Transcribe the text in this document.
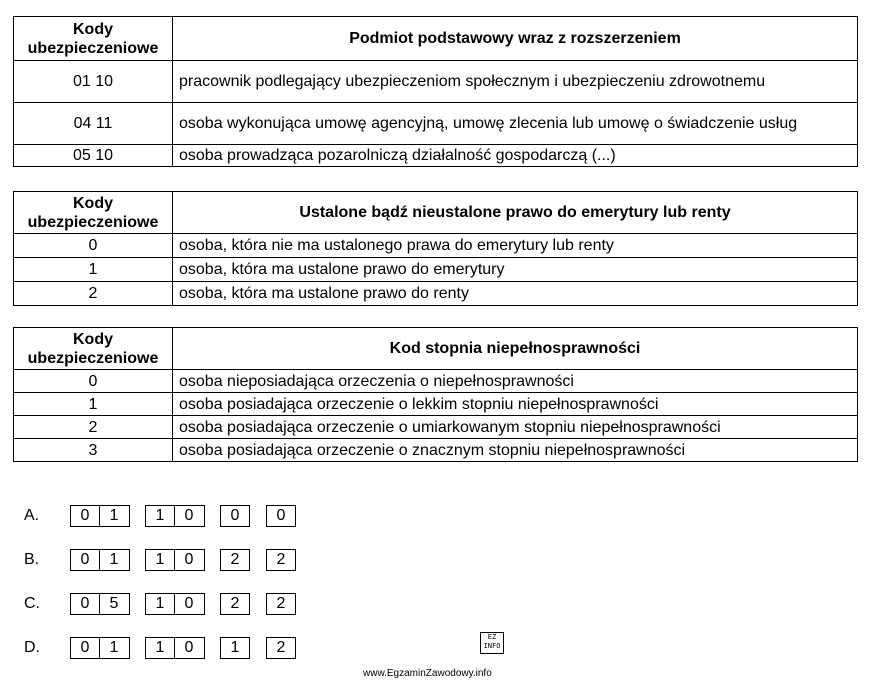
Kody ubezpieczeniowe	Podmiot podstawowy wraz z rozszerzeniem
01 10	pracownik podlegający ubezpieczeniom społecznym i ubezpieczeniu zdrowotnemu
04 11	osoba wykonująca umowę agencyjną, umowę zlecenia lub umowę o świadczenie usług
05 10	osoba prowadząca pozarolniczą działalność gospodarczą (...)
Kody ubezpieczeniowe	Ustalone bądź nieustalone prawo do emerytury lub renty
0	osoba, która nie ma ustalonego prawa do emerytury lub renty
1	osoba, która ma ustalone prawo do emerytury
2	osoba, która ma ustalone prawo do renty
Kody ubezpieczeniowe	Kod stopnia niepełnosprawności
0	osoba nieposiadająca orzeczenia o niepełnosprawności
1	osoba posiadająca orzeczenie o lekkim stopniu niepełnosprawności
2	osoba posiadająca orzeczenie o umiarkowanym stopniu niepełnosprawności
3	osoba posiadająca orzeczenie o znacznym stopniu niepełnosprawności
A.	0	1	1	0	0	0
B.	0	1	1	0	2	2
C.	0	5	1	0	2	2
D.	0	1	1	0	1	2
EZ INFO
www.EgzaminZawodowy.info
